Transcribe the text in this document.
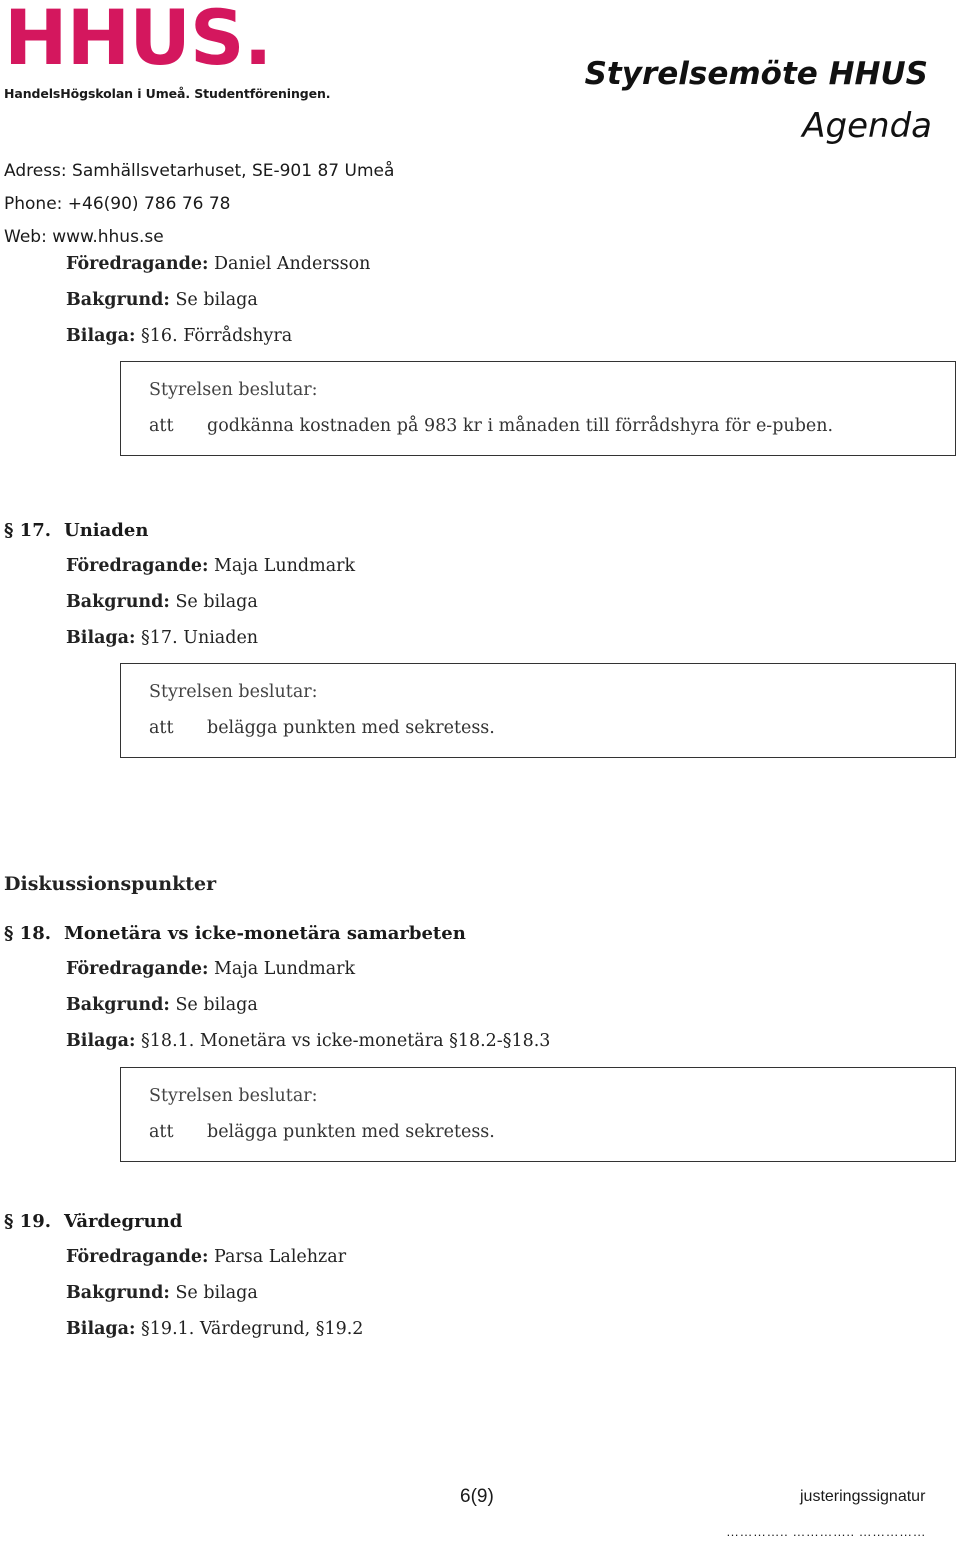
HHUS.
HandelsHögskolan i Umeå. Studentföreningen.
Styrelsemöte HHUS
Agenda
Adress: Samhällsvetarhuset, SE-901 87 Umeå
Phone: +46(90) 786 76 78
Web: www.hhus.se
Föredragande: Daniel Andersson
Bakgrund: Se bilaga
Bilaga: §16. Förrådshyra
Styrelsen beslutar:
att godkänna kostnaden på 983 kr i månaden till förrådshyra för e-puben.
§ 17. Uniaden
Föredragande: Maja Lundmark
Bakgrund: Se bilaga
Bilaga: §17. Uniaden
Styrelsen beslutar:
att belägga punkten med sekretess.
Diskussionspunkter
§ 18. Monetära vs icke-monetära samarbeten
Föredragande: Maja Lundmark
Bakgrund: Se bilaga
Bilaga: §18.1. Monetära vs icke-monetära §18.2-§18.3
Styrelsen beslutar:
att belägga punkten med sekretess.
§ 19. Värdegrund
Föredragande: Parsa Lalehzar
Bakgrund: Se bilaga
Bilaga: §19.1. Värdegrund, §19.2
6(9)	justeringssignatur
………….. ………….. ……………
